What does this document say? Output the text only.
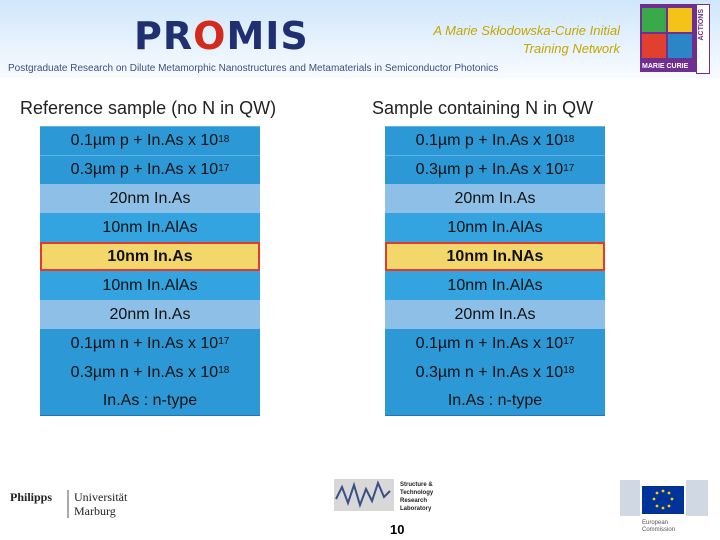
PROMIS	A Marie Skłodowska-Curie Initial
Training Network
Postgraduate Research on Dilute Metamorphic Nanostructures and Metamaterials in Semiconductor Photonics	MARIE CURIE
ACTIONS
Reference sample (no N in QW)	Sample containing N in QW
0.1µm p + In.As x $10^{18}$
0.3µm p + In.As x $10^{17}$
20nm In.As
10nm In.AlAs
10nm In.As
10nm In.AlAs
20nm In.As
0.1µm n + In.As x $10^{17}$
0.3µm n + In.As x $10^{18}$
In.As : n-type
0.1µm p + In.As x $10^{18}$
0.3µm p + In.As x $10^{17}$
20nm In.As
10nm In.AlAs
10nm In.NAs
10nm In.AlAs
20nm In.As
0.1µm n + In.As x $10^{17}$
0.3µm n + In.As x $10^{18}$
In.As : n-type
Philipps Universität
Marburg
Structure &
Technology
Research
Laboratory
10	European
Commission
